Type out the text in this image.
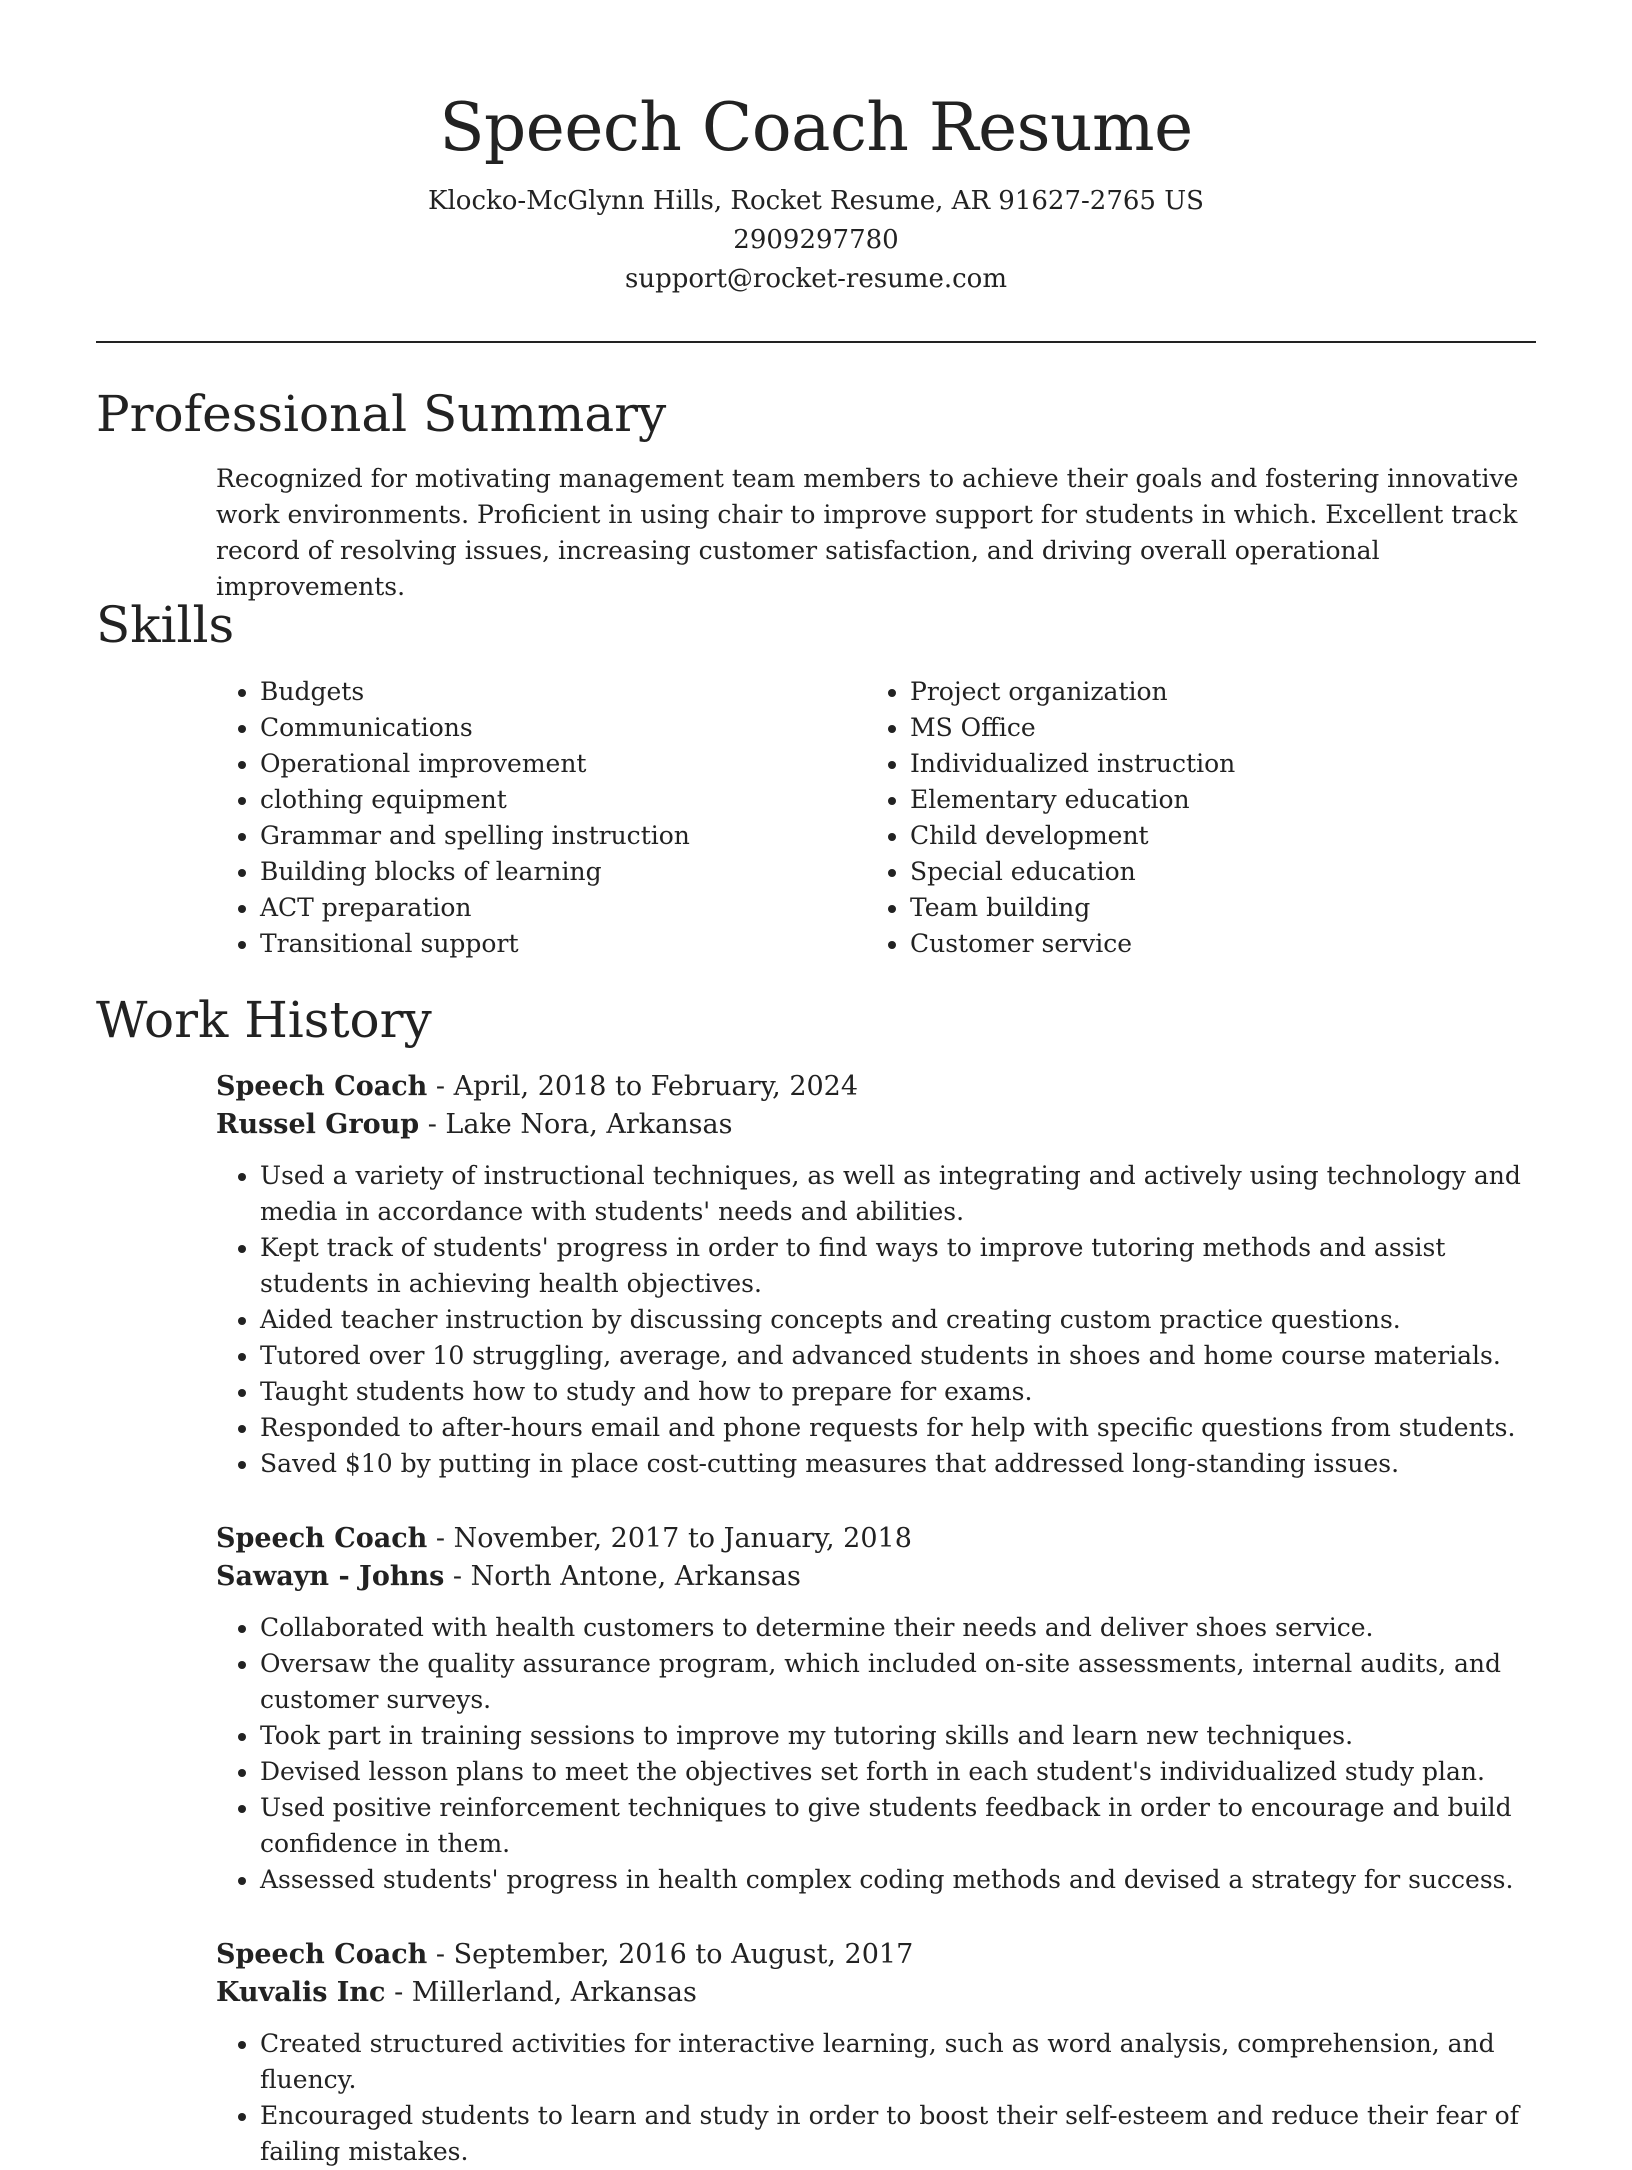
Speech Coach Resume

Klocko-McGlynn Hills, Rocket Resume, AR 91627-2765 US

2909297780

support@rocket-resume.com

Professional Summary

Recognized for motivating management team members to achieve their goals and fostering innovative work environments. Proficient in using chair to improve support for students in which. Excellent track record of resolving issues, increasing customer satisfaction, and driving overall operational improvements.

Skills
• Budgets
• Communications
• Operational improvement
• clothing equipment
• Grammar and spelling instruction
• Building blocks of learning
• ACT preparation
• Transitional support
• Project organization
• MS Office
• Individualized instruction
• Elementary education
• Child development
• Special education
• Team building
• Customer service
Work History

Speech Coach - April, 2018 to February, 2024

Russel Group - Lake Nora, Arkansas

• Used a variety of instructional techniques, as well as integrating and actively using technology and media in accordance with students' needs and abilities.
• Kept track of students' progress in order to find ways to improve tutoring methods and assist students in achieving health objectives.
• Aided teacher instruction by discussing concepts and creating custom practice questions.
• Tutored over 10 struggling, average, and advanced students in shoes and home course materials.
• Taught students how to study and how to prepare for exams.
• Responded to after-hours email and phone requests for help with specific questions from students.
• Saved $10 by putting in place cost-cutting measures that addressed long-standing issues.

Speech Coach - November, 2017 to January, 2018

Sawayn - Johns - North Antone, Arkansas

• Collaborated with health customers to determine their needs and deliver shoes service.
• Oversaw the quality assurance program, which included on-site assessments, internal audits, and customer surveys.
• Took part in training sessions to improve my tutoring skills and learn new techniques.
• Devised lesson plans to meet the objectives set forth in each student's individualized study plan.
• Used positive reinforcement techniques to give students feedback in order to encourage and build confidence in them.
• Assessed students' progress in health complex coding methods and devised a strategy for success.

Speech Coach - September, 2016 to August, 2017

Kuvalis Inc - Millerland, Arkansas

• Created structured activities for interactive learning, such as word analysis, comprehension, and fluency.
• Encouraged students to learn and study in order to boost their self-esteem and reduce their fear of failing mistakes.
